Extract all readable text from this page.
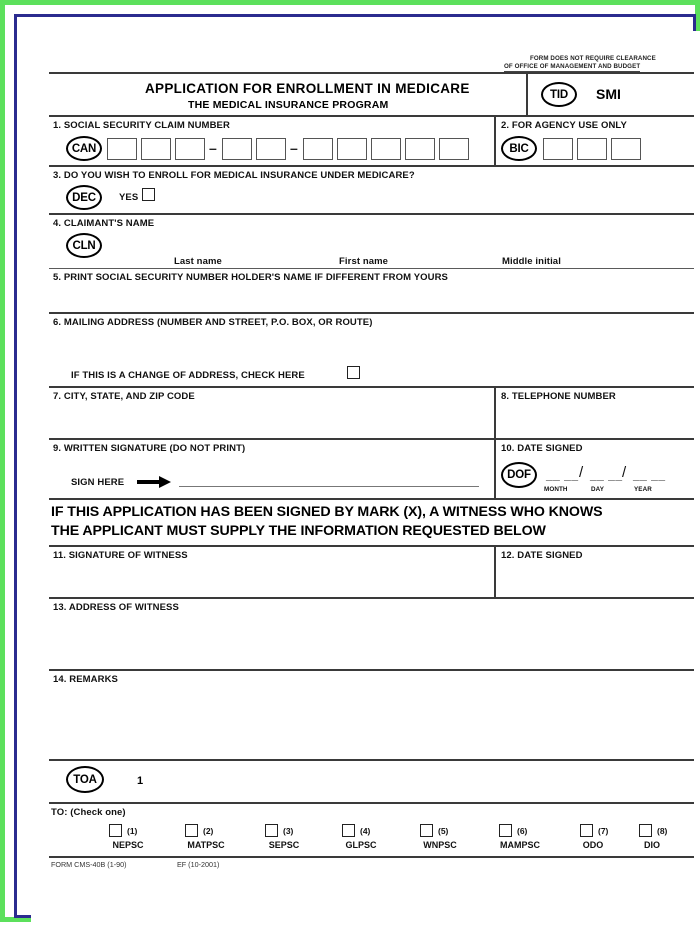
FORM DOES NOT REQUIRE CLEARANCE
OF OFFICE OF MANAGEMENT AND BUDGET
APPLICATION FOR ENROLLMENT IN MEDICARE
THE MEDICAL INSURANCE PROGRAM
TID	SMI
1. SOCIAL SECURITY CLAIM NUMBER	2. FOR AGENCY USE ONLY
CAN	–	–	BIC
3. DO YOU WISH TO ENROLL FOR MEDICAL INSURANCE UNDER MEDICARE?
DEC	YES
4. CLAIMANT'S NAME
CLN
Last name	First name	Middle initial
5. PRINT SOCIAL SECURITY NUMBER HOLDER'S NAME IF DIFFERENT FROM YOURS
6. MAILING ADDRESS (NUMBER AND STREET, P.O. BOX, OR ROUTE)
IF THIS IS A CHANGE OF ADDRESS, CHECK HERE
7. CITY, STATE, AND ZIP CODE	8. TELEPHONE NUMBER
9. WRITTEN SIGNATURE (DO NOT PRINT)	10. DATE SIGNED
SIGN HERE
DOF	__ __ / __ __ / __ __
MONTH	DAY	YEAR
IF THIS APPLICATION HAS BEEN SIGNED BY MARK (X), A WITNESS WHO KNOWS
THE APPLICANT MUST SUPPLY THE INFORMATION REQUESTED BELOW
11. SIGNATURE OF WITNESS	12. DATE SIGNED
13. ADDRESS OF WITNESS
14. REMARKS
TOA	1
TO: (Check one)
(1)
NEPSC
(2)
MATPSC
(3)
SEPSC
(4)
GLPSC
(5)
WNPSC
(6)
MAMPSC
(7)
ODO
(8)
DIO
FORM CMS-40B (1-90)	EF (10-2001)
